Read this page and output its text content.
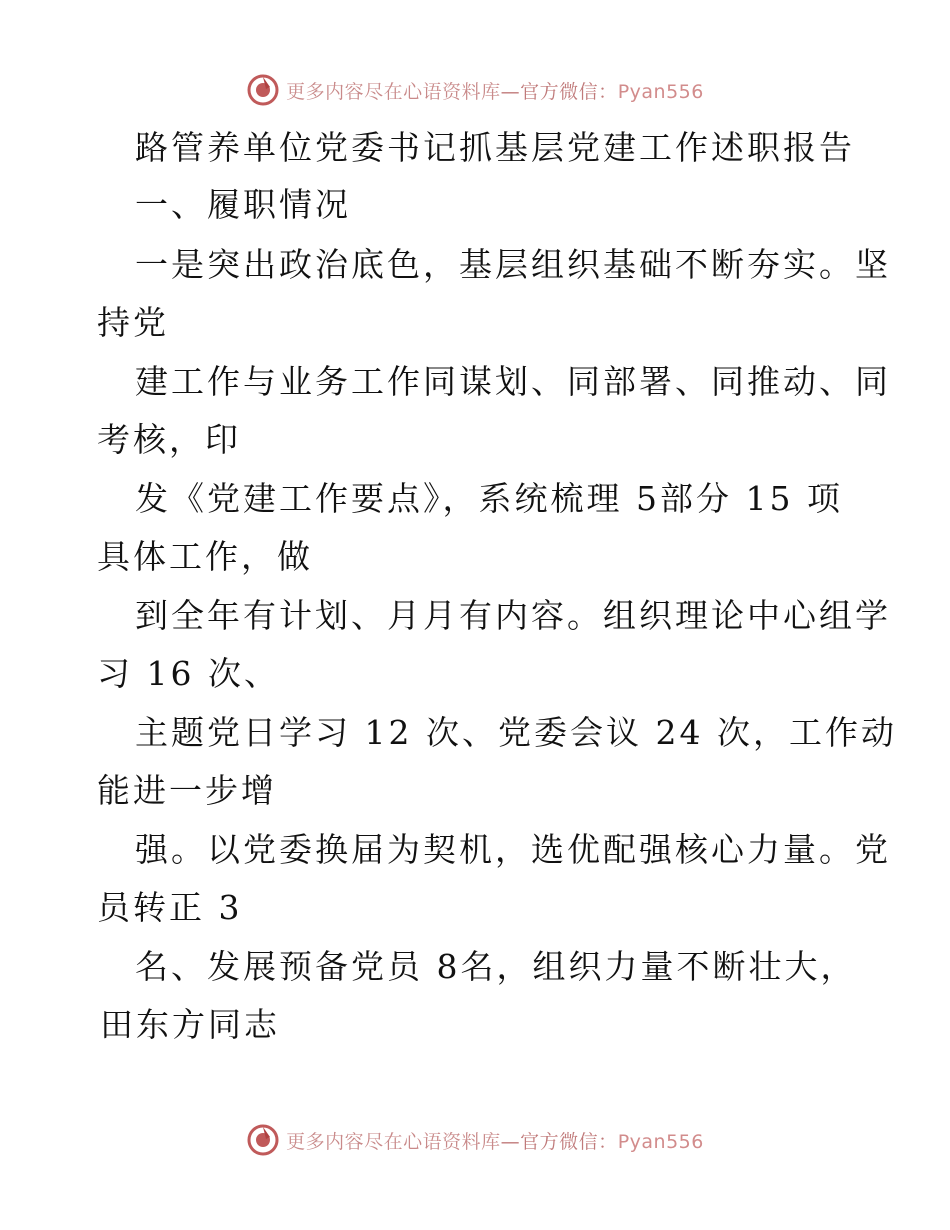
更多内容尽在心语资料库—官方微信：Pyan556
路管养单位党委书记抓基层党建工作述职报告
一、履职情况
一是突出政治底色，基层组织基础不断夯实。坚
持党
建工作与业务工作同谋划、同部署、同推动、同
考核，印
发《党建工作要点》，系统梳理 5部分 15 项
具体工作，做
到全年有计划、月月有内容。组织理论中心组学
习 16 次、
主题党日学习 12 次、党委会议 24 次，工作动
能进一步增
强。以党委换届为契机，选优配强核心力量。党
员转正 3
名、发展预备党员 8名，组织力量不断壮大，
田东方同志
更多内容尽在心语资料库—官方微信：Pyan556
